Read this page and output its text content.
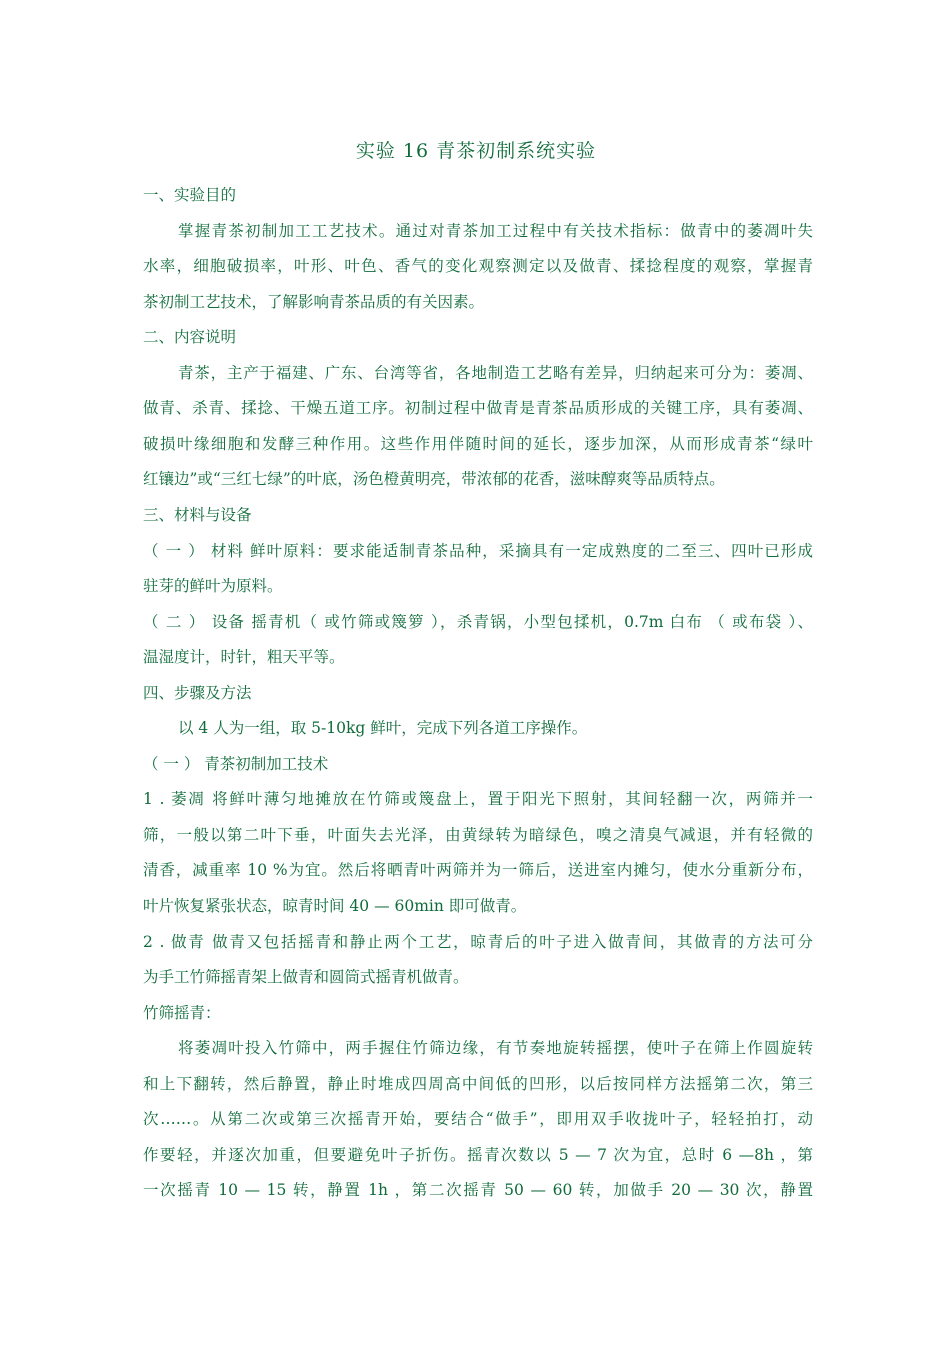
实验 16 青茶初制系统实验
一、实验目的
掌握青茶初制加工工艺技术。通过对青茶加工过程中有关技术指标：做青中的萎凋叶失
水率，细胞破损率，叶形、叶色、香气的变化观察测定以及做青、揉捻程度的观察，掌握青
茶初制工艺技术，了解影响青茶品质的有关因素。
二、内容说明
青茶，主产于福建、广东、台湾等省，各地制造工艺略有差异，归纳起来可分为：萎凋、
做青、杀青、揉捻、干燥五道工序。初制过程中做青是青茶品质形成的关键工序，具有萎凋、
破损叶缘细胞和发酵三种作用。这些作用伴随时间的延长，逐步加深，从而形成青茶“绿叶
红镶边”或“三红七绿”的叶底，汤色橙黄明亮，带浓郁的花香，滋味醇爽等品质特点。
三、材料与设备
（ 一 ） 材料 鲜叶原料：要求能适制青茶品种，采摘具有一定成熟度的二至三、四叶已形成
驻芽的鲜叶为原料。
（ 二 ） 设备 摇青机（ 或竹筛或篾箩 ），杀青锅，小型包揉机，0.7m 白布 （ 或布袋 ）、
温湿度计，时针，粗天平等。
四、步骤及方法
以 4 人为一组，取 5-10kg 鲜叶，完成下列各道工序操作。
（ 一 ） 青茶初制加工技术
1 . 萎凋 将鲜叶薄匀地摊放在竹筛或篾盘上，置于阳光下照射，其间轻翻一次，两筛并一
筛，一般以第二叶下垂，叶面失去光泽，由黄绿转为暗绿色，嗅之清臭气减退，并有轻微的
清香，减重率 10 %为宜。然后将晒青叶两筛并为一筛后，送进室内摊匀，使水分重新分布，
叶片恢复紧张状态，晾青时间 40 — 60min 即可做青。
2 . 做青 做青又包括摇青和静止两个工艺，晾青后的叶子进入做青间，其做青的方法可分
为手工竹筛摇青架上做青和圆筒式摇青机做青。
竹筛摇青：
将萎凋叶投入竹筛中，两手握住竹筛边缘，有节奏地旋转摇摆，使叶子在筛上作圆旋转
和上下翻转，然后静置，静止时堆成四周高中间低的凹形，以后按同样方法摇第二次，第三
次……。从第二次或第三次摇青开始，要结合“做手”，即用双手收拢叶子，轻轻拍打，动
作要轻，并逐次加重，但要避免叶子折伤。摇青次数以 5 — 7 次为宜，总时 6 —8h ，第
一次摇青 10 — 15 转，静置 1h ，第二次摇青 50 — 60 转，加做手 20 — 30 次，静置
